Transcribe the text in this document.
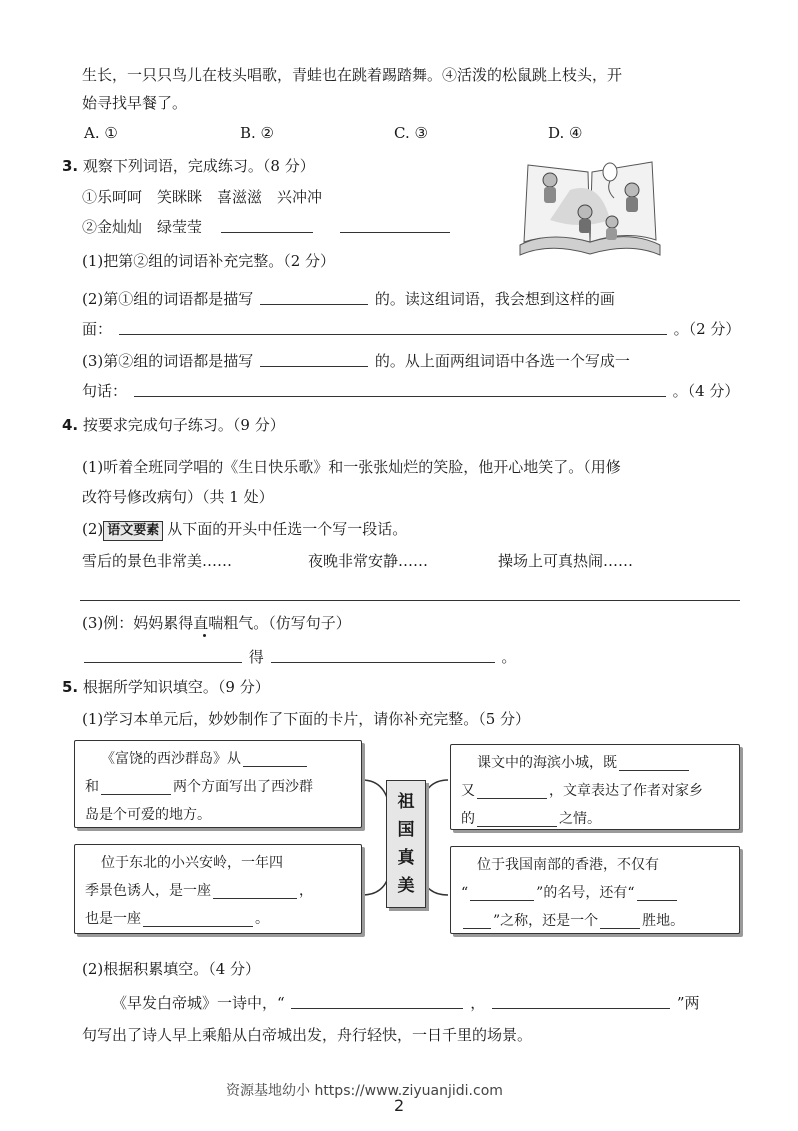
生长，一只只鸟儿在枝头唱歌，青蛙也在跳着踢踏舞。④活泼的松鼠跳上枝头，开
始寻找早餐了。
A. ①	B. ②	C. ③	D. ④
3. 观察下列词语，完成练习。（8 分）
①乐呵呵　笑眯眯　喜滋滋　兴冲冲
②金灿灿　绿莹莹
(1)把第②组的词语补充完整。（2 分）
(2)第①组的词语都是描写	的。读这组词语，我会想到这样的画
面：	。（2 分）
(3)第②组的词语都是描写	的。从上面两组词语中各选一个写成一
句话：	。（4 分）
4. 按要求完成句子练习。（9 分）
(1)听着全班同学唱的《生日快乐歌》和一张张灿烂的笑脸，他开心地笑了。（用修
改符号修改病句）（共 1 处）
(2) 语文要素 从下面的开头中任选一个写一段话。
雪后的景色非常美……	夜晚非常安静……	操场上可真热闹……
(3)例：妈妈累得直喘粗气。（仿写句子）
得	。
5. 根据所学知识填空。（9 分）
(1)学习本单元后，妙妙制作了下面的卡片，请你补充完整。（5 分）
祖
国
真
美
《富饶的西沙群岛》从
和	两个方面写出了西沙群
岛是个可爱的地方。
位于东北的小兴安岭，一年四
季景色诱人，是一座	，
也是一座	。
课文中的海滨小城，既
又	，文章表达了作者对家乡
的	之情。
位于我国南部的香港，不仅有
“	”的名号，还有“
”之称，还是一个	胜地。
(2)根据积累填空。（4 分）
《早发白帝城》一诗中，“	，	”两
句写出了诗人早上乘船从白帝城出发，舟行轻快，一日千里的场景。
资源基地幼小 https://www.ziyuanjidi.com
2
